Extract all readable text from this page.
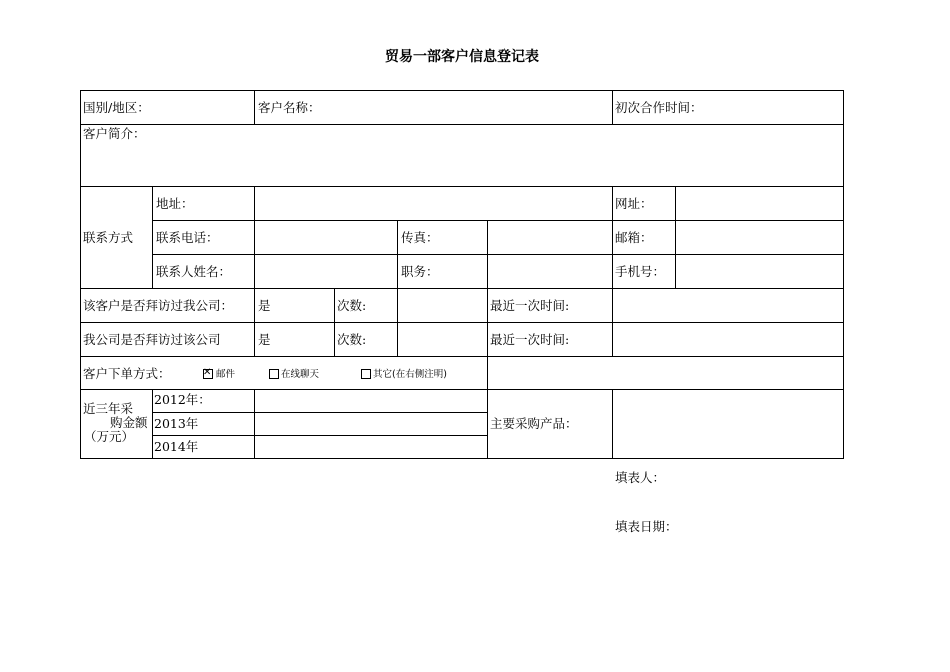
贸易一部客户信息登记表
国别/地区：	客户名称：	初次合作时间：
客户简介：
联系方式
地址：	网址：
联系电话：	传真：	邮箱：
联系人姓名：	职务：	手机号：
该客户是否拜访过我公司： 是	次数:	最近一次时间:
我公司是否拜访过该公司	是	次数:	最近一次时间:
客户下单方式：	✕ 邮件	在线聊天	其它(在右侧注明)
近三年采
购金额
（万元）
2012年：
2013年
2014年
主要采购产品：
填表人：
填表日期：
